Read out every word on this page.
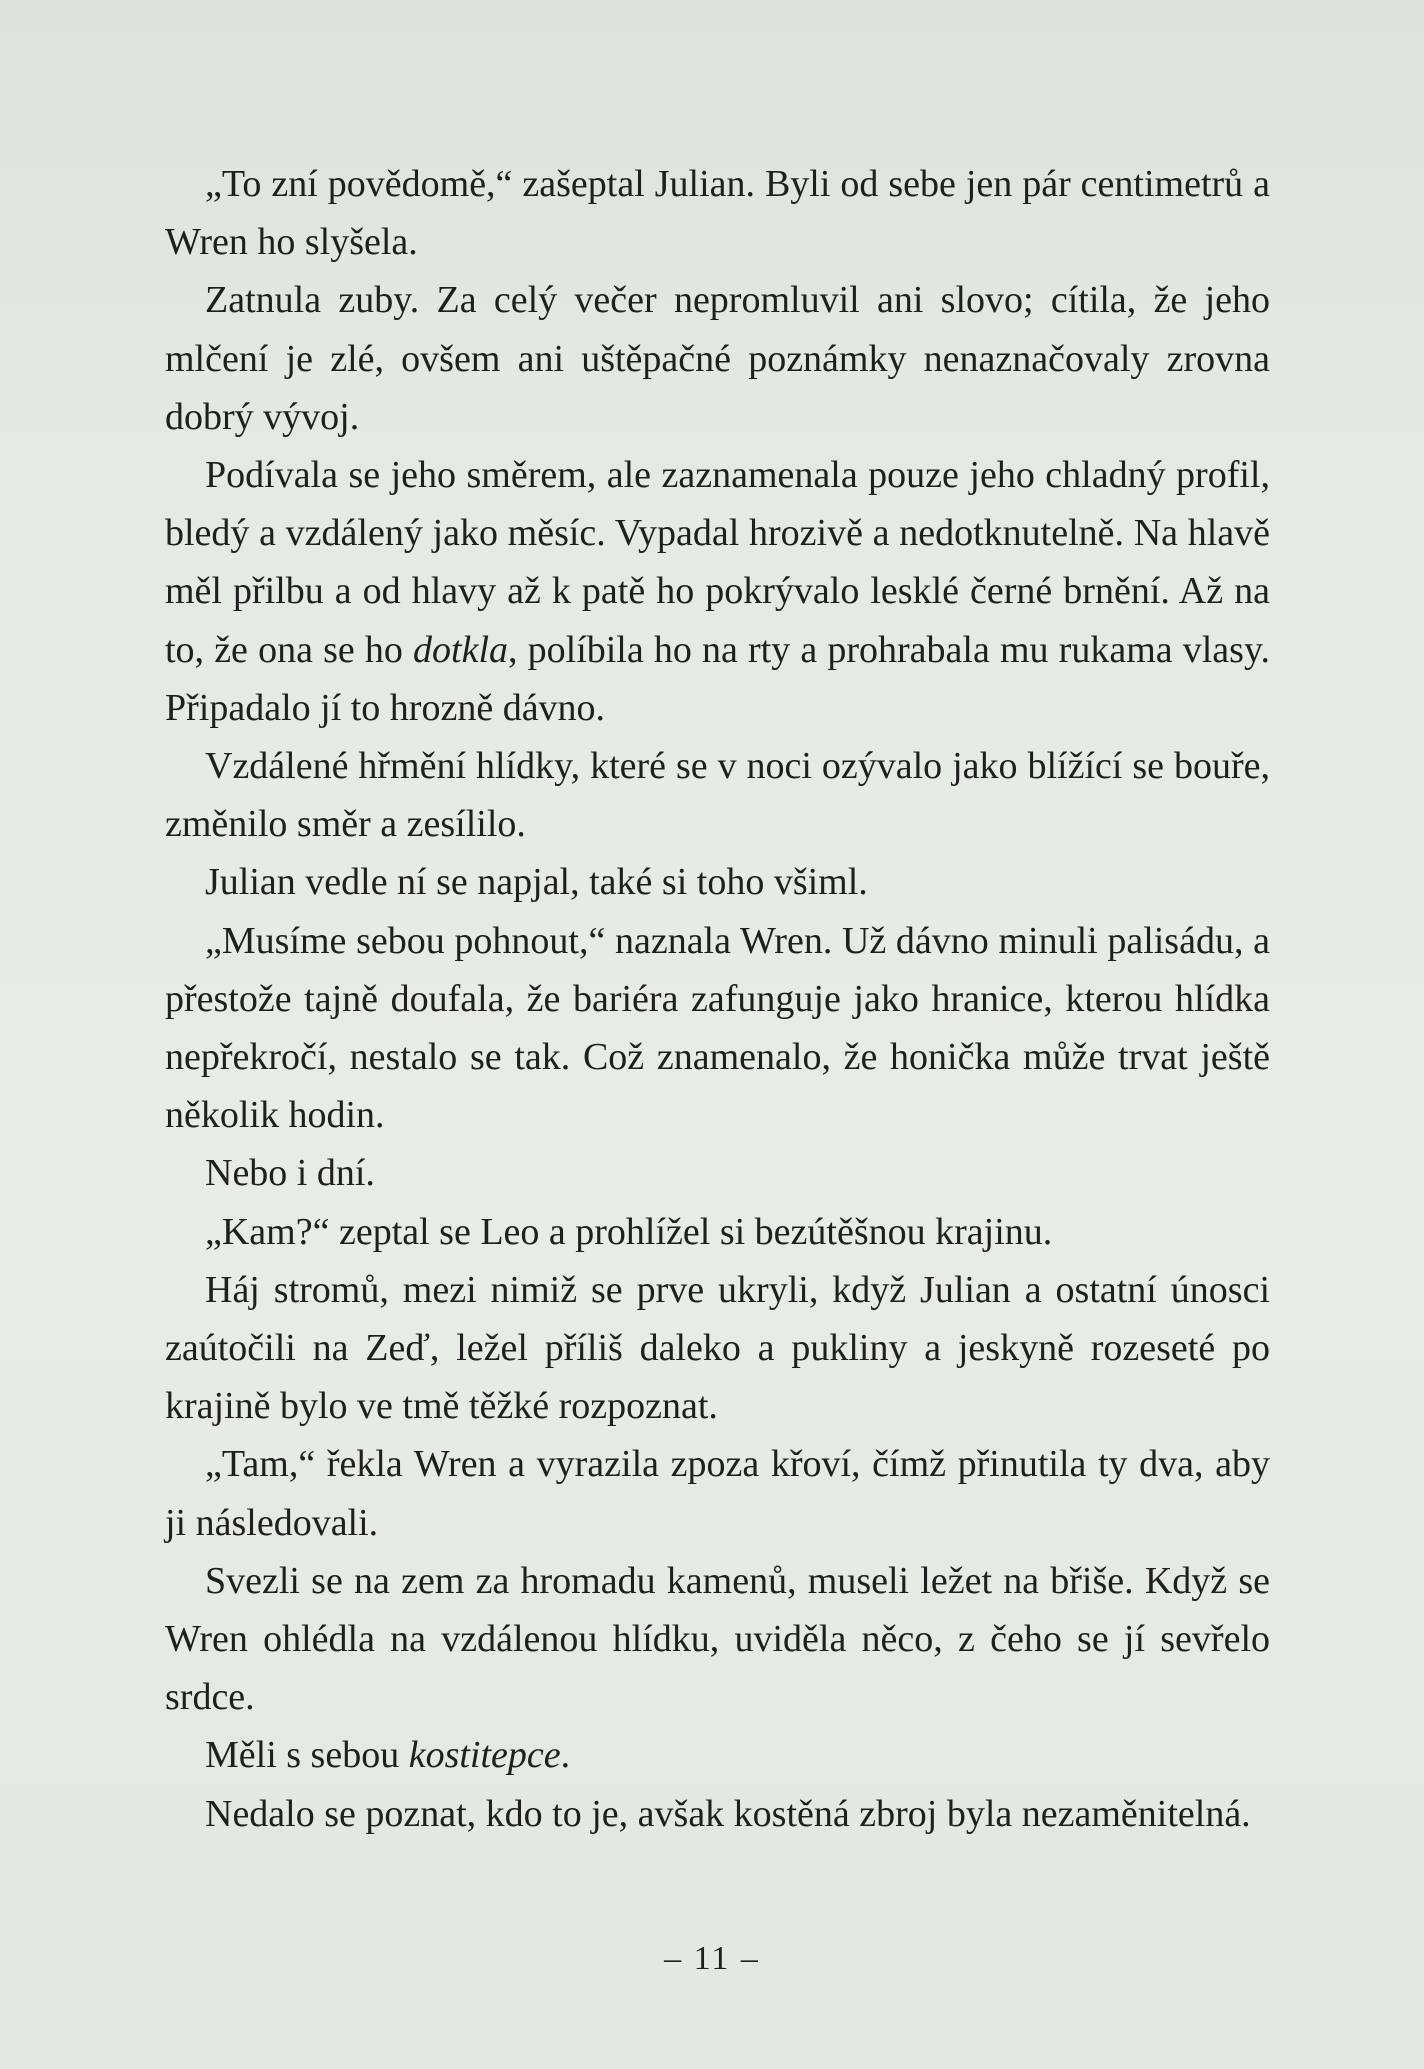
„To zní povědomě,“ zašeptal Julian. Byli od sebe jen pár centimetrů a Wren ho slyšela.

Zatnula zuby. Za celý večer nepromluvil ani slovo; cítila, že jeho mlčení je zlé, ovšem ani uštěpačné poznámky nenaznačovaly zrovna dobrý vývoj.

Podívala se jeho směrem, ale zaznamenala pouze jeho chladný profil, bledý a vzdálený jako měsíc. Vypadal hrozivě a nedotknutelně. Na hlavě měl přilbu a od hlavy až k patě ho pokrývalo lesklé černé brnění. Až na to, že ona se ho dotkla, políbila ho na rty a prohrabala mu rukama vlasy. Připadalo jí to hrozně dávno.

Vzdálené hřmění hlídky, které se v noci ozývalo jako blížící se bouře, změnilo směr a zesílilo.

Julian vedle ní se napjal, také si toho všiml.

„Musíme sebou pohnout,“ naznala Wren. Už dávno minuli palisádu, a přestože tajně doufala, že bariéra zafunguje jako hranice, kterou hlídka nepřekročí, nestalo se tak. Což znamenalo, že honička může trvat ještě několik hodin.

Nebo i dní.

„Kam?“ zeptal se Leo a prohlížel si bezútěšnou krajinu.

Háj stromů, mezi nimiž se prve ukryli, když Julian a ostatní únosci zaútočili na Zeď, ležel příliš daleko a pukliny a jeskyně rozeseté po krajině bylo ve tmě těžké rozpoznat.

„Tam,“ řekla Wren a vyrazila zpoza křoví, čímž přinutila ty dva, aby ji následovali.

Svezli se na zem za hromadu kamenů, museli ležet na břiše. Když se Wren ohlédla na vzdálenou hlídku, uviděla něco, z čeho se jí sevřelo srdce.

Měli s sebou kostitepce.

Nedalo se poznat, kdo to je, avšak kostěná zbroj byla nezaměnitelná.

– 11 –
